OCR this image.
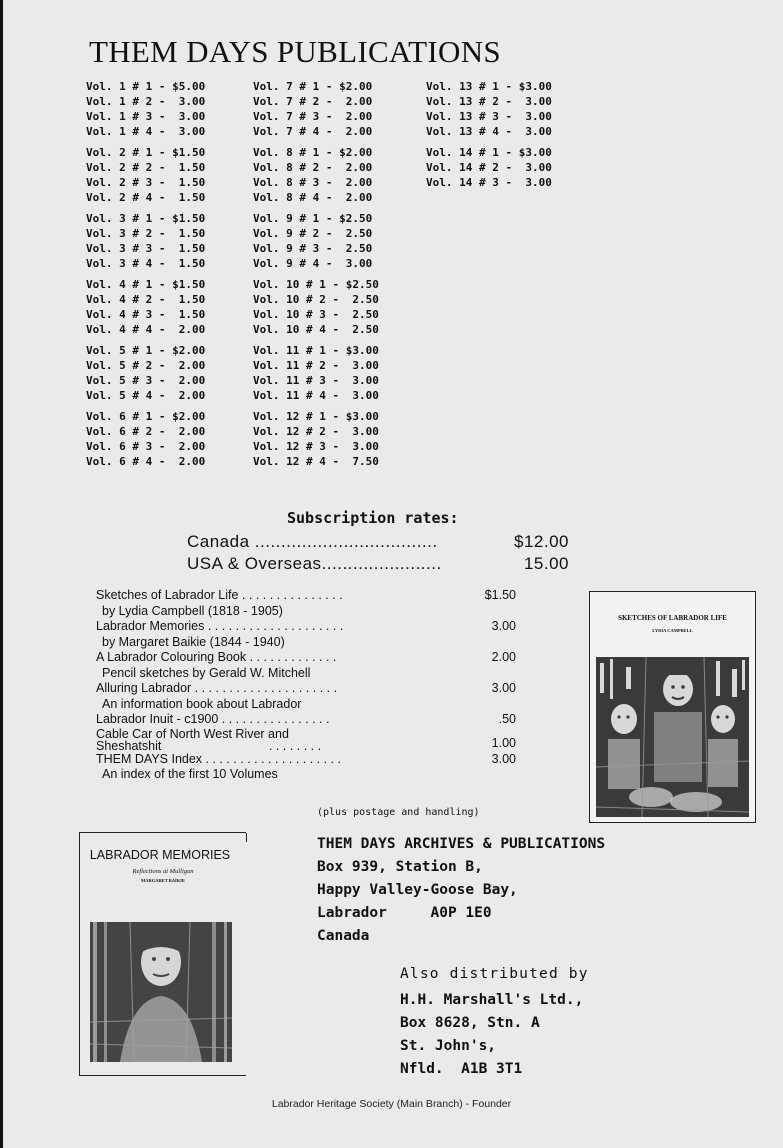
THEM DAYS PUBLICATIONS
Vol. 1 # 1 - $5.00
Vol. 1 # 2 -  3.00
Vol. 1 # 3 -  3.00
Vol. 1 # 4 -  3.00
Vol. 2 # 1 - $1.50
Vol. 2 # 2 -  1.50
Vol. 2 # 3 -  1.50
Vol. 2 # 4 -  1.50
Vol. 3 # 1 - $1.50
Vol. 3 # 2 -  1.50
Vol. 3 # 3 -  1.50
Vol. 3 # 4 -  1.50
Vol. 4 # 1 - $1.50
Vol. 4 # 2 -  1.50
Vol. 4 # 3 -  1.50
Vol. 4 # 4 -  2.00
Vol. 5 # 1 - $2.00
Vol. 5 # 2 -  2.00
Vol. 5 # 3 -  2.00
Vol. 5 # 4 -  2.00
Vol. 6 # 1 - $2.00
Vol. 6 # 2 -  2.00
Vol. 6 # 3 -  2.00
Vol. 6 # 4 -  2.00
Vol. 7 # 1 - $2.00
Vol. 7 # 2 -  2.00
Vol. 7 # 3 -  2.00
Vol. 7 # 4 -  2.00
Vol. 8 # 1 - $2.00
Vol. 8 # 2 -  2.00
Vol. 8 # 3 -  2.00
Vol. 8 # 4 -  2.00
Vol. 9 # 1 - $2.50
Vol. 9 # 2 -  2.50
Vol. 9 # 3 -  2.50
Vol. 9 # 4 -  3.00
Vol. 10 # 1 - $2.50
Vol. 10 # 2 -  2.50
Vol. 10 # 3 -  2.50
Vol. 10 # 4 -  2.50
Vol. 11 # 1 - $3.00
Vol. 11 # 2 -  3.00
Vol. 11 # 3 -  3.00
Vol. 11 # 4 -  3.00
Vol. 12 # 1 - $3.00
Vol. 12 # 2 -  3.00
Vol. 12 # 3 -  3.00
Vol. 12 # 4 -  7.50
Vol. 13 # 1 - $3.00
Vol. 13 # 2 -  3.00
Vol. 13 # 3 -  3.00
Vol. 13 # 4 -  3.00
Vol. 14 # 1 - $3.00
Vol. 14 # 2 -  3.00
Vol. 14 # 3 -  3.00
Subscription rates:
Canada ...................................	$12.00
USA & Overseas.......................	15.00
Sketches of Labrador Life . . . . . . . . . . . . . . .	$1.50
by Lydia Campbell (1818 - 1905)
Labrador Memories . . . . . . . . . . . . . . . . . . . .	3.00
by Margaret Baikie (1844 - 1940)
A Labrador Colouring Book . . . . . . . . . . . . .	2.00
Pencil sketches by Gerald W. Mitchell
Alluring Labrador . . . . . . . . . . . . . . . . . . . . .	3.00
An information book about Labrador
Labrador Inuit - c1900 . . . . . . . . . . . . . . . .	.50
Cable Car of North West River and
Sheshatshit                               . . . . . . . .	1.00
THEM DAYS Index . . . . . . . . . . . . . . . . . . . .	3.00
An index of the first 10 Volumes
(plus postage and handling)
SKETCHES OF LABRADOR LIFE
LYDIA CAMPBELL
LABRADOR MEMORIES
Reflections at Mulligan
MARGARET BAIKIE
THEM DAYS ARCHIVES & PUBLICATIONS
Box 939, Station B,
Happy Valley-Goose Bay,
Labrador     A0P 1E0
Canada
Also distributed by
H.H. Marshall's Ltd.,
Box 8628, Stn. A
St. John's,
Nfld.  A1B 3T1
Labrador Heritage Society (Main Branch) - Founder
